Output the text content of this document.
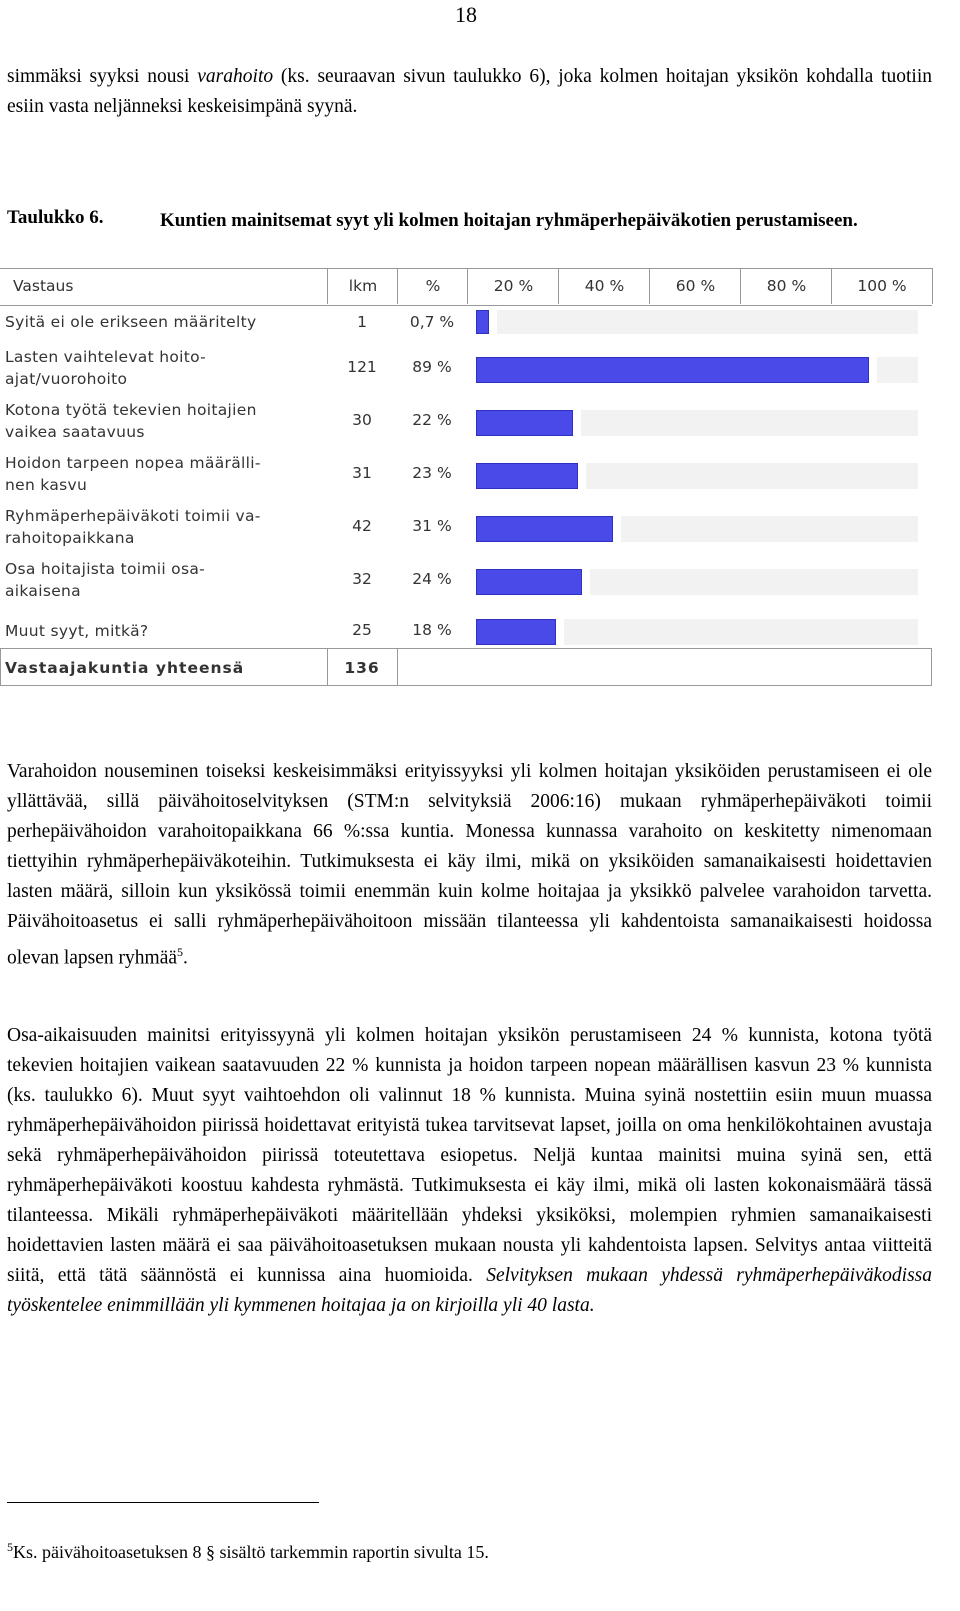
18
simmäksi syyksi nousi varahoito (ks. seuraavan sivun taulukko 6), joka kolmen hoitajan yksikön kohdalla tuotiin esiin vasta neljänneksi keskeisimpänä syynä.
Taulukko 6.	Kuntien mainitsemat syyt yli kolmen hoitajan ryhmäperhepäiväkotien perustamiseen.
Vastaus	lkm	%	20 %	40 %	60 %	80 %	100 %
Syitä ei ole erikseen määritelty	1	0,7 %
Lasten vaihtelevat hoito-
ajat/vuorohoito
121	89 %
Kotona työtä tekevien hoitajien
vaikea saatavuus
30	22 %
Hoidon tarpeen nopea määrälli-
nen kasvu
31	23 %
Ryhmäperhepäiväkoti toimii va-
rahoitopaikkana
42	31 %
Osa hoitajista toimii osa-
aikaisena
32	24 %
Muut syyt, mitkä?	25	18 %
Vastaajakuntia yhteensä	136
Varahoidon nouseminen toiseksi keskeisimmäksi erityissyyksi yli kolmen hoitajan yksiköiden perustamiseen ei ole yllättävää, sillä päivähoitoselvityksen (STM:n selvityksiä 2006:16) mukaan ryhmäperhepäiväkoti toimii perhepäivähoidon varahoitopaikkana 66 %:ssa kuntia. Monessa kunnassa varahoito on keskitetty nimenomaan tiettyihin ryhmäperhepäiväkoteihin. Tutkimuksesta ei käy ilmi, mikä on yksiköiden samanaikaisesti hoidettavien lasten määrä, silloin kun yksikössä toimii enemmän kuin kolme hoitajaa ja yksikkö palvelee varahoidon tarvetta. Päivähoitoasetus ei salli ryhmäperhepäivähoitoon missään tilanteessa yli kahdentoista samanaikaisesti hoidossa olevan lapsen ryhmää$^5$.
Osa-aikaisuuden mainitsi erityissyynä yli kolmen hoitajan yksikön perustamiseen 24 % kunnista, kotona työtä tekevien hoitajien vaikean saatavuuden 22 % kunnista ja hoidon tarpeen nopean määrällisen kasvun 23 % kunnista (ks. taulukko 6). Muut syyt vaihtoehdon oli valinnut 18 % kunnista. Muina syinä nostettiin esiin muun muassa ryhmäperhepäivähoidon piirissä hoidettavat erityistä tukea tarvitsevat lapset, joilla on oma henkilökohtainen avustaja sekä ryhmäperhepäivähoidon piirissä toteutettava esiopetus. Neljä kuntaa mainitsi muina syinä sen, että ryhmäperhepäiväkoti koostuu kahdesta ryhmästä. Tutkimuksesta ei käy ilmi, mikä oli lasten kokonaismäärä tässä tilanteessa. Mikäli ryhmäperhepäiväkoti määritellään yhdeksi yksiköksi, molempien ryhmien samanaikaisesti hoidettavien lasten määrä ei saa päivähoitoasetuksen mukaan nousta yli kahdentoista lapsen. Selvitys antaa viitteitä siitä, että tätä säännöstä ei kunnissa aina huomioida. Selvityksen mukaan yhdessä ryhmäperhepäiväkodissa työskentelee enimmillään yli kymmenen hoitajaa ja on kirjoilla yli 40 lasta.
$^5$Ks. päivähoitoasetuksen 8 § sisältö tarkemmin raportin sivulta 15.
